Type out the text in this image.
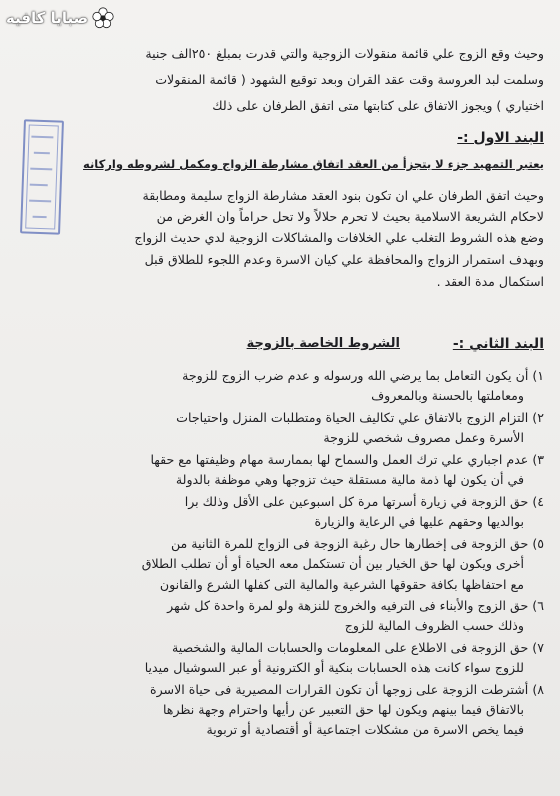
صبايا كافيه
وحيث وقع الزوج علي قائمة منقولات الزوجية والتي قدرت بمبلغ ٢٥٠الف جنية
وسلمت لبد العروسة وقت عقد القران وبعد توقيع الشهود ( قائمة المنقولات
اختياري ) ويجوز الاتفاق على كتابتها متى اتفق الطرفان على ذلك
البند الاول :-
يعتبر التمهيد جزء لا يتجزأ من العقد اتفاق مشارطة الزواج ومكمل لشروطه واركانه
وحيث اتفق الطرفان علي ان تكون بنود العقد مشارطة الزواج سليمة ومطابقة
لاحكام الشريعة الاسلامية بحيث لا تحرم حلالاً ولا تحل حراماً وان الغرض من
وضع هذه الشروط التغلب علي الخلافات والمشاكلات الزوجية لدي حديث الزواج
وبهدف استمرار الزواج والمحافظة علي كيان الاسرة وعدم اللجوء للطلاق قبل
استكمال مدة العقد .
البند الثاني :-
الشروط الخاصة بالزوجة
١) أن يكون التعامل بما يرضي الله ورسوله و عدم ضرب الزوج للزوجة
ومعاملتها بالحسنة وبالمعروف
٢) التزام الزوج بالاتفاق علي تكاليف الحياة ومتطلبات المنزل واحتياجات
الأسرة وعمل مصروف شخصي للزوجة
٣) عدم اجباري علي ترك العمل والسماح لها بممارسة مهام وظيفتها مع حقها
في أن يكون لها ذمة مالية مستقلة حيث تزوجها وهي موظفة بالدولة
٤) حق الزوجة في زيارة أسرتها مرة كل اسبوعين على الأقل وذلك برا
بوالديها وحقهم عليها في الرعاية والزيارة
٥) حق الزوجة فى إخطارها حال رغبة الزوجة فى الزواج للمرة الثانية من
أخرى ويكون لها حق الخيار بين أن تستكمل معه الحياة أو أن تطلب الطلاق
مع احتفاظها بكافة حقوقها الشرعية والمالية التى كفلها الشرع والقانون
٦) حق الزوج والأبناء فى الترفيه والخروج للنزهة ولو لمرة واحدة كل شهر
وذلك حسب الظروف المالية للزوج
٧) حق الزوجة فى الاطلاع على المعلومات والحسابات المالية والشخصية
للزوج سواء كانت هذه الحسابات بنكية أو الكترونية أو عبر السوشيال ميديا
٨) أشترطت الزوجة على زوجها أن تكون القرارات المصيرية فى حياة الاسرة
بالاتفاق فيما بينهم ويكون لها حق التعبير عن رأيها واحترام وجهة نظرها
فيما يخص الاسرة من مشكلات اجتماعية أو أقتصادية أو تربوية
